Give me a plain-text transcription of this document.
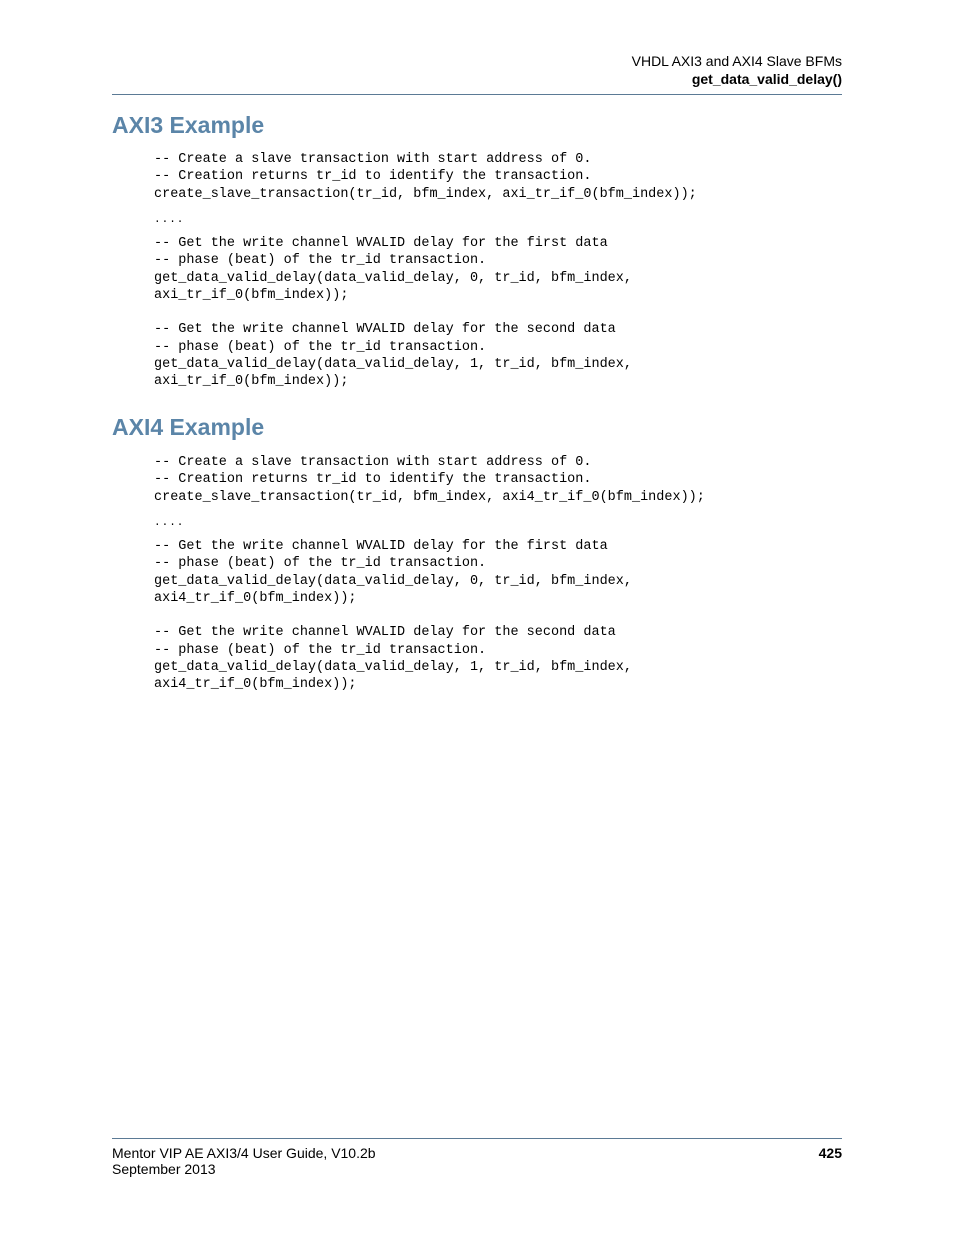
VHDL AXI3 and AXI4 Slave BFMs
get_data_valid_delay()
AXI3 Example
-- Create a slave transaction with start address of 0.
-- Creation returns tr_id to identify the transaction.
create_slave_transaction(tr_id, bfm_index, axi_tr_if_0(bfm_index));
....
-- Get the write channel WVALID delay for the first data
-- phase (beat) of the tr_id transaction.
get_data_valid_delay(data_valid_delay, 0, tr_id, bfm_index,
axi_tr_if_0(bfm_index));

-- Get the write channel WVALID delay for the second data
-- phase (beat) of the tr_id transaction.
get_data_valid_delay(data_valid_delay, 1, tr_id, bfm_index,
axi_tr_if_0(bfm_index));
AXI4 Example
-- Create a slave transaction with start address of 0.
-- Creation returns tr_id to identify the transaction.
create_slave_transaction(tr_id, bfm_index, axi4_tr_if_0(bfm_index));
....
-- Get the write channel WVALID delay for the first data
-- phase (beat) of the tr_id transaction.
get_data_valid_delay(data_valid_delay, 0, tr_id, bfm_index,
axi4_tr_if_0(bfm_index));

-- Get the write channel WVALID delay for the second data
-- phase (beat) of the tr_id transaction.
get_data_valid_delay(data_valid_delay, 1, tr_id, bfm_index,
axi4_tr_if_0(bfm_index));
Mentor VIP AE AXI3/4 User Guide, V10.2b
September 2013
425
